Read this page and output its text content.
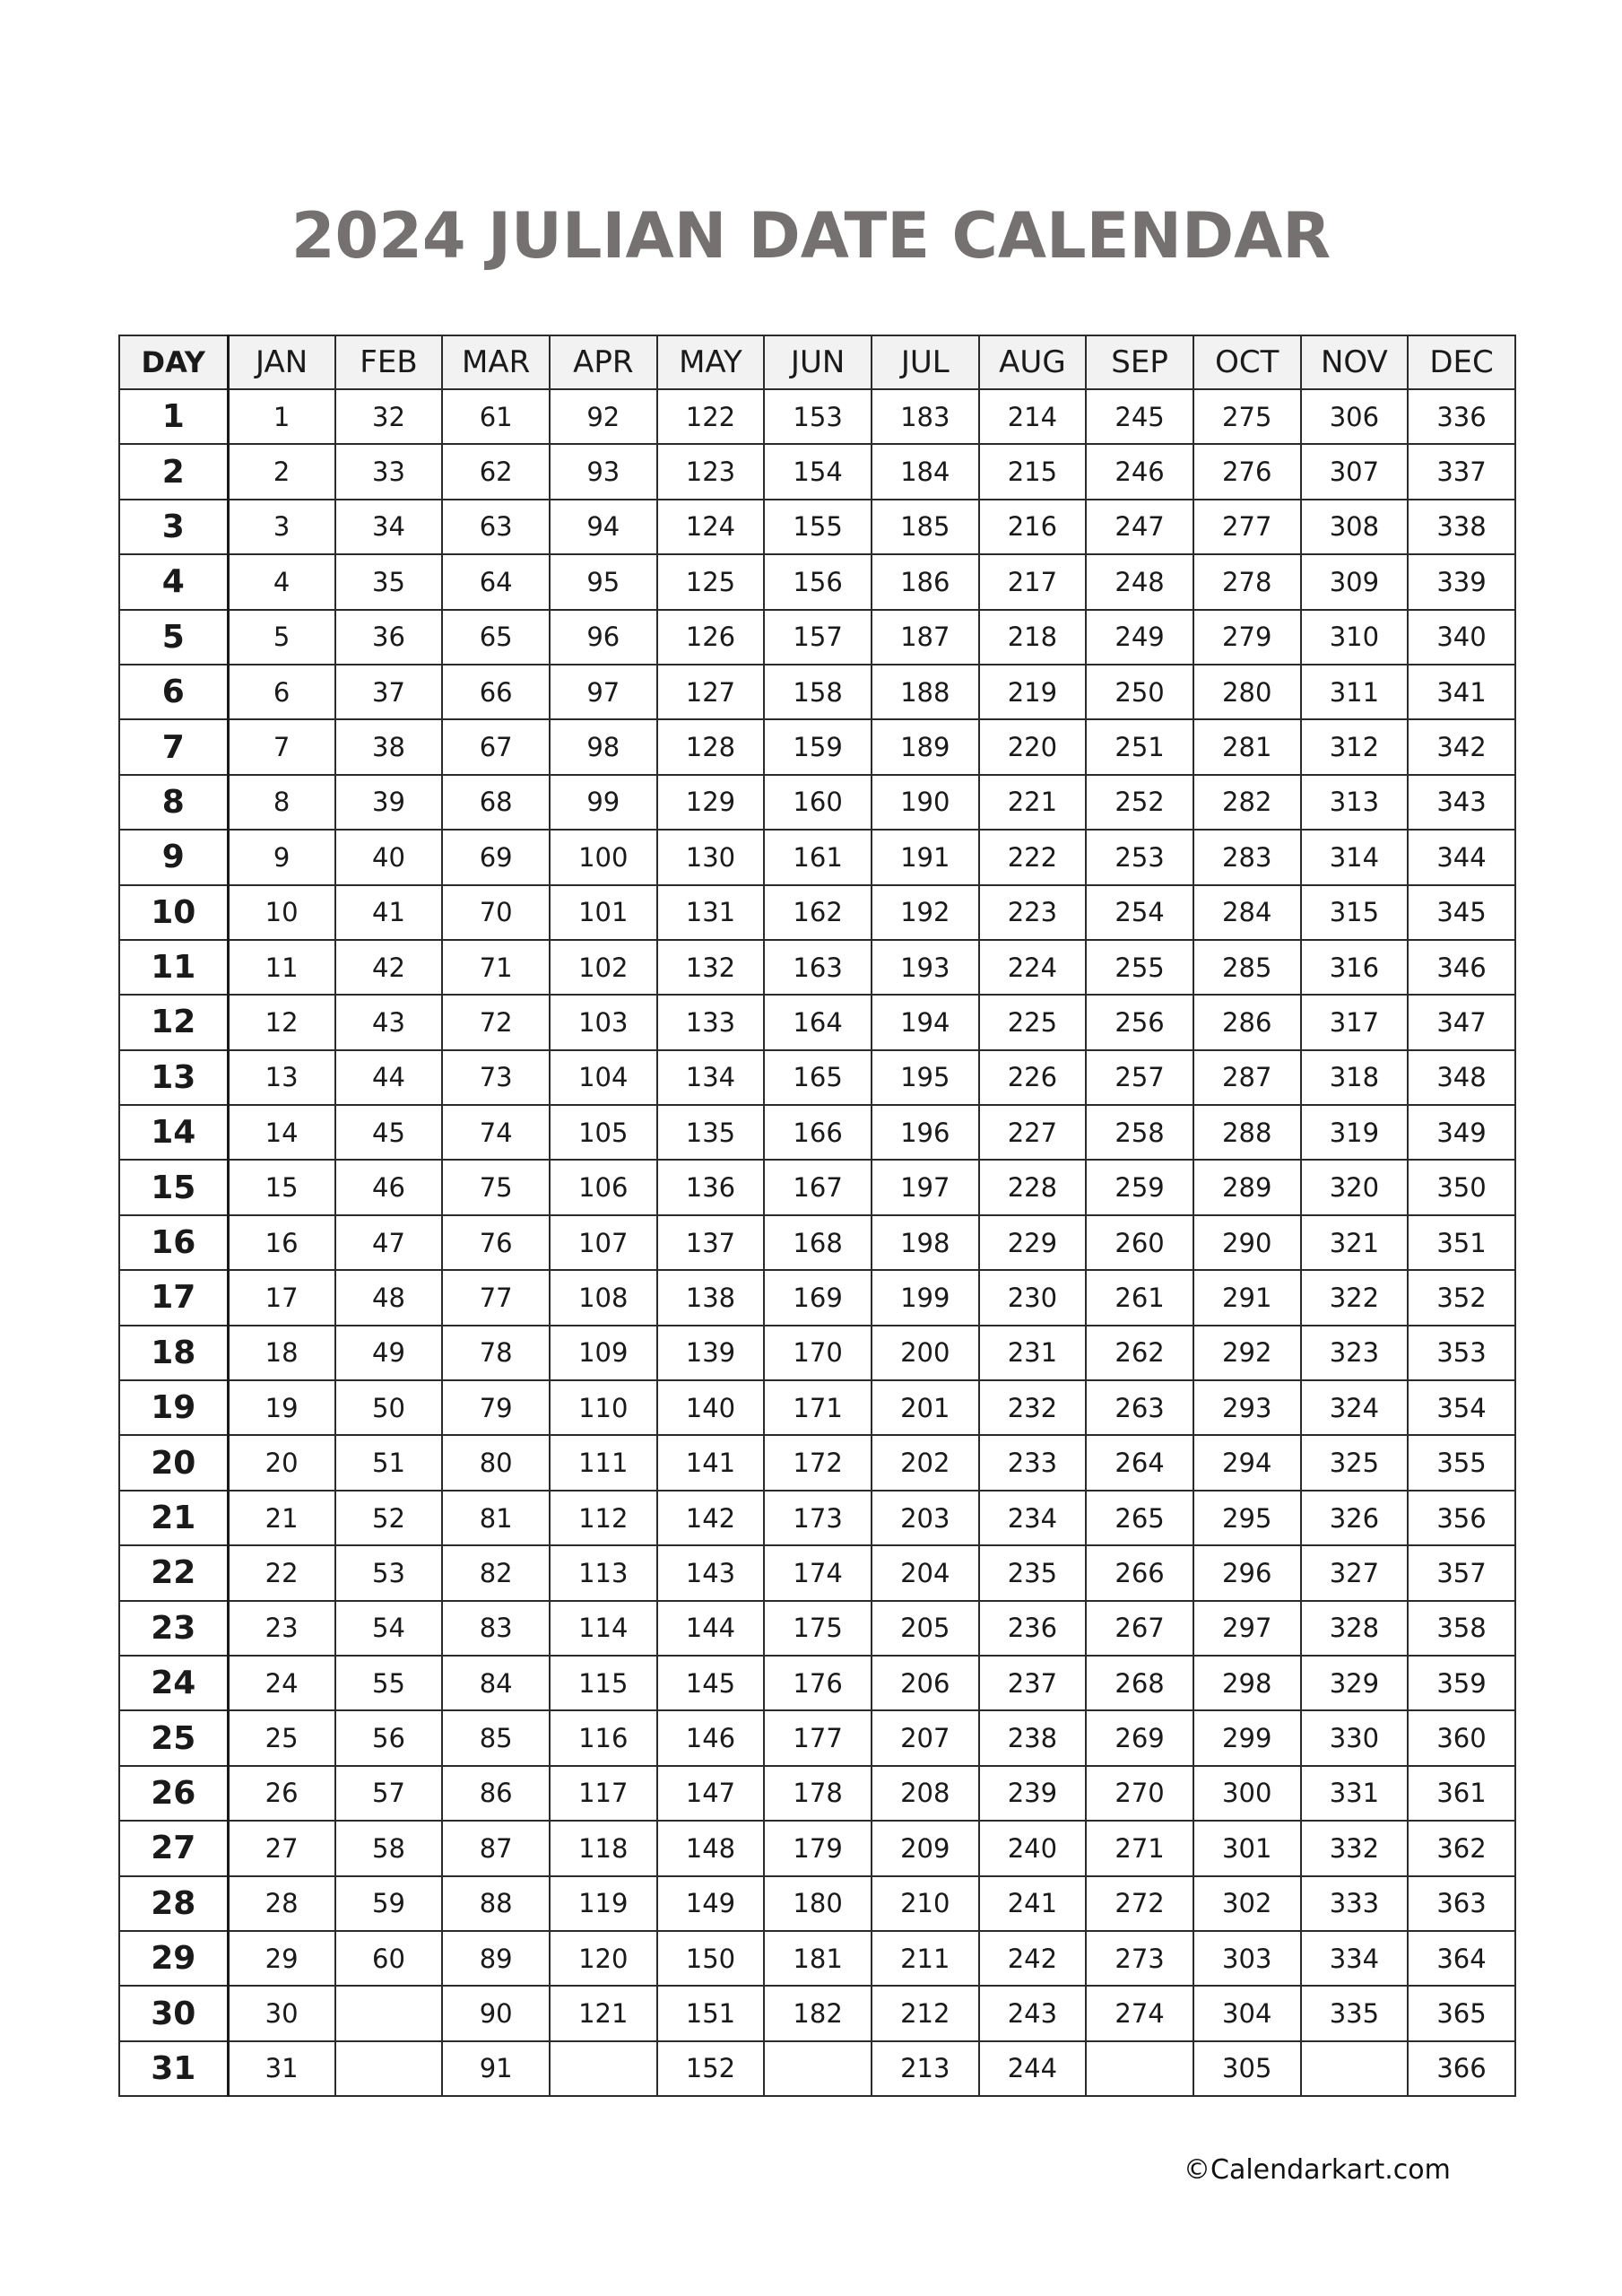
2024 JULIAN DATE CALENDAR
DAY	JAN	FEB	MAR	APR	MAY	JUN	JUL	AUG	SEP	OCT	NOV	DEC
1	1	32	61	92	122	153	183	214	245	275	306	336
2	2	33	62	93	123	154	184	215	246	276	307	337
3	3	34	63	94	124	155	185	216	247	277	308	338
4	4	35	64	95	125	156	186	217	248	278	309	339
5	5	36	65	96	126	157	187	218	249	279	310	340
6	6	37	66	97	127	158	188	219	250	280	311	341
7	7	38	67	98	128	159	189	220	251	281	312	342
8	8	39	68	99	129	160	190	221	252	282	313	343
9	9	40	69	100	130	161	191	222	253	283	314	344
10	10	41	70	101	131	162	192	223	254	284	315	345
11	11	42	71	102	132	163	193	224	255	285	316	346
12	12	43	72	103	133	164	194	225	256	286	317	347
13	13	44	73	104	134	165	195	226	257	287	318	348
14	14	45	74	105	135	166	196	227	258	288	319	349
15	15	46	75	106	136	167	197	228	259	289	320	350
16	16	47	76	107	137	168	198	229	260	290	321	351
17	17	48	77	108	138	169	199	230	261	291	322	352
18	18	49	78	109	139	170	200	231	262	292	323	353
19	19	50	79	110	140	171	201	232	263	293	324	354
20	20	51	80	111	141	172	202	233	264	294	325	355
21	21	52	81	112	142	173	203	234	265	295	326	356
22	22	53	82	113	143	174	204	235	266	296	327	357
23	23	54	83	114	144	175	205	236	267	297	328	358
24	24	55	84	115	145	176	206	237	268	298	329	359
25	25	56	85	116	146	177	207	238	269	299	330	360
26	26	57	86	117	147	178	208	239	270	300	331	361
27	27	58	87	118	148	179	209	240	271	301	332	362
28	28	59	88	119	149	180	210	241	272	302	333	363
29	29	60	89	120	150	181	211	242	273	303	334	364
30	30		90	121	151	182	212	243	274	304	335	365
31	31		91		152		213	244		305		366
©Calendarkart.com
